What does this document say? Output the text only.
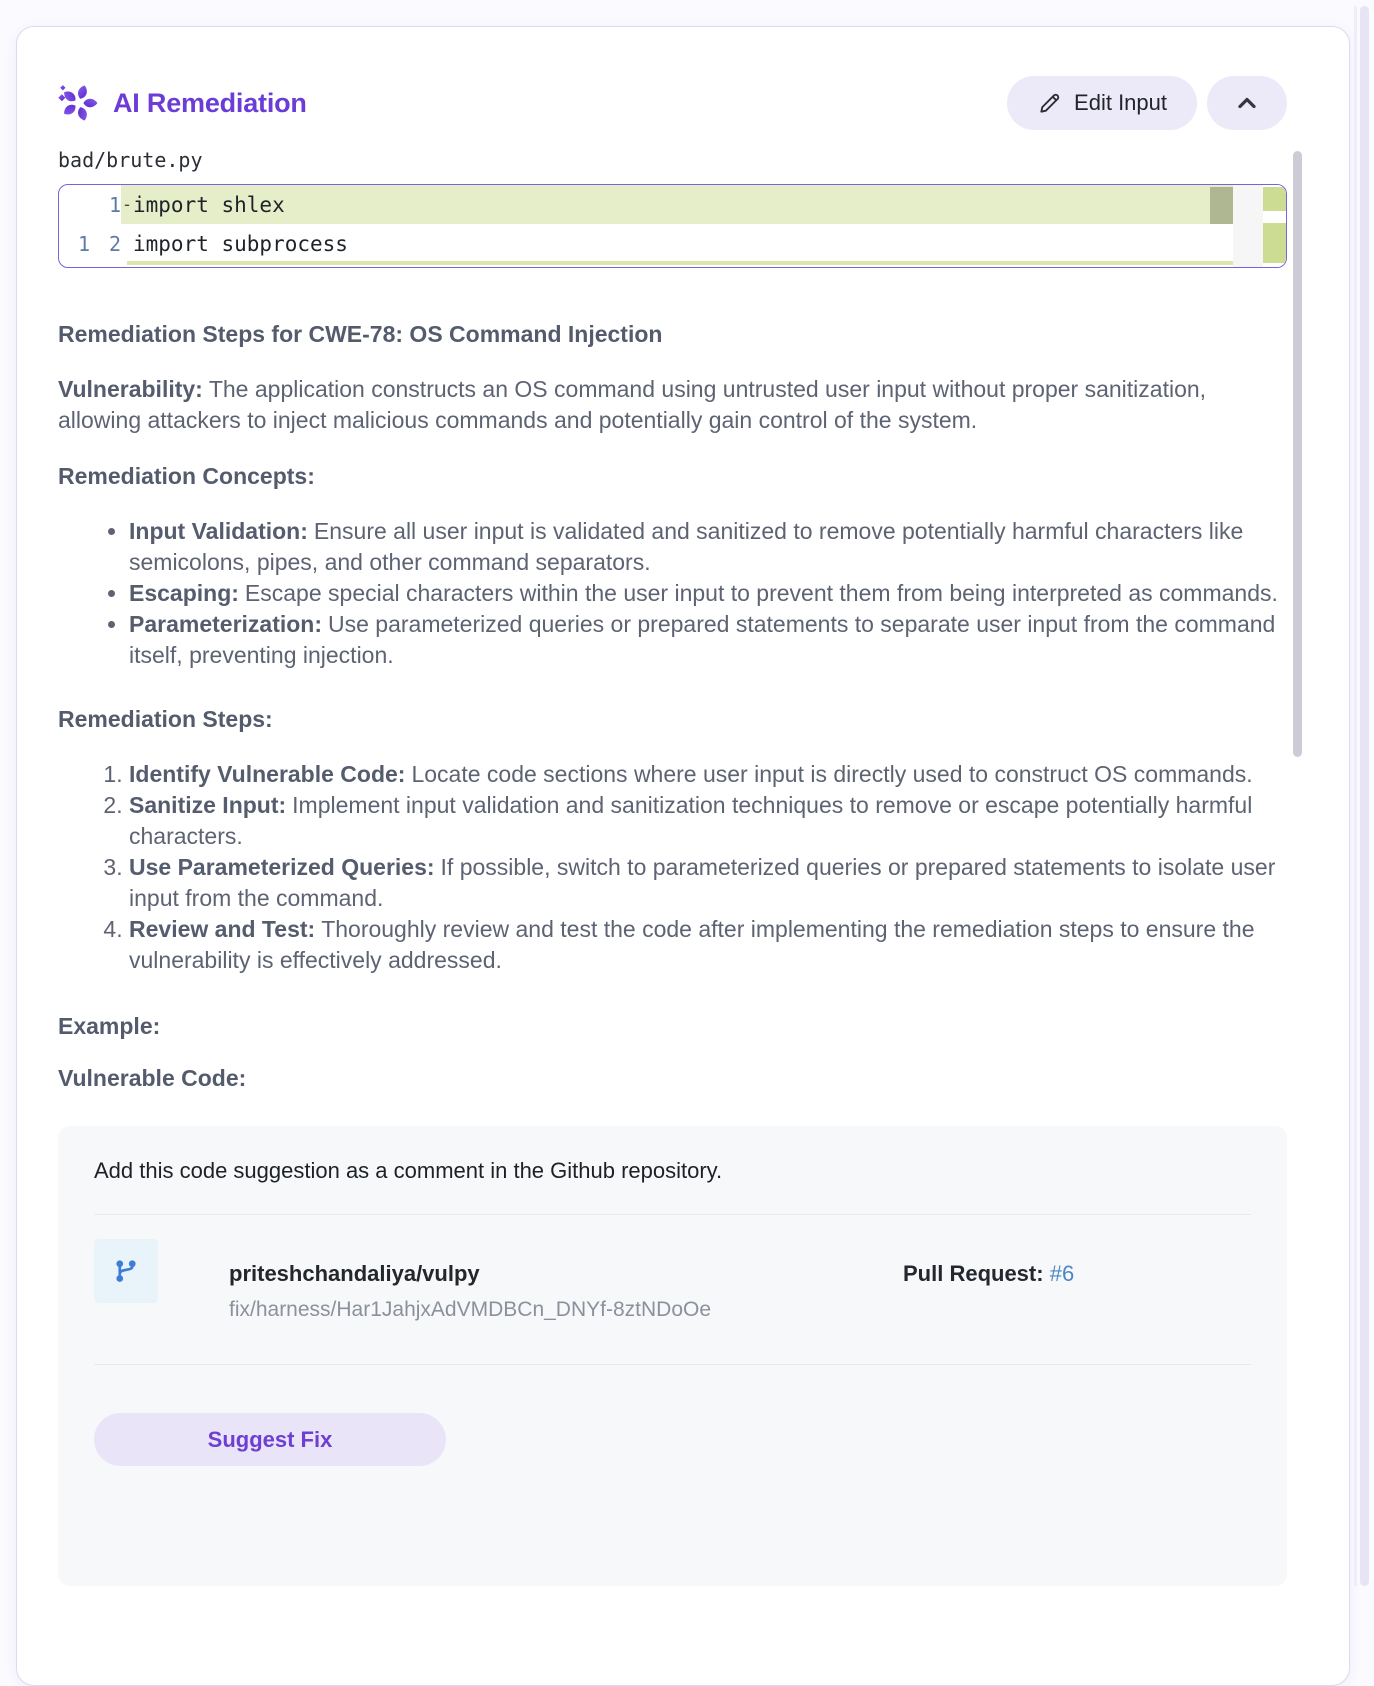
AI Remediation	Edit Input
bad/brute.py
1 - import shlex
1 2 import subprocess
Remediation Steps for CWE-78: OS Command Injection

Vulnerability: The application constructs an OS command using untrusted user input without proper sanitization, allowing attackers to inject malicious commands and potentially gain control of the system.

Remediation Concepts:
• Input Validation: Ensure all user input is validated and sanitized to remove potentially harmful characters like semicolons, pipes, and other command separators.
• Escaping: Escape special characters within the user input to prevent them from being interpreted as commands.
• Parameterization: Use parameterized queries or prepared statements to separate user input from the command itself, preventing injection.
Remediation Steps:
1. Identify Vulnerable Code: Locate code sections where user input is directly used to construct OS commands.
2. Sanitize Input: Implement input validation and sanitization techniques to remove or escape potentially harmful characters.
3. Use Parameterized Queries: If possible, switch to parameterized queries or prepared statements to isolate user input from the command.
4. Review and Test: Thoroughly review and test the code after implementing the remediation steps to ensure the vulnerability is effectively addressed.
Example:
Vulnerable Code:
Add this code suggestion as a comment in the Github repository.
priteshchandaliya/vulpy
fix/harness/Har1JahjxAdVMDBCn_DNYf-8ztNDoOe
Pull Request: #6
Suggest Fix
